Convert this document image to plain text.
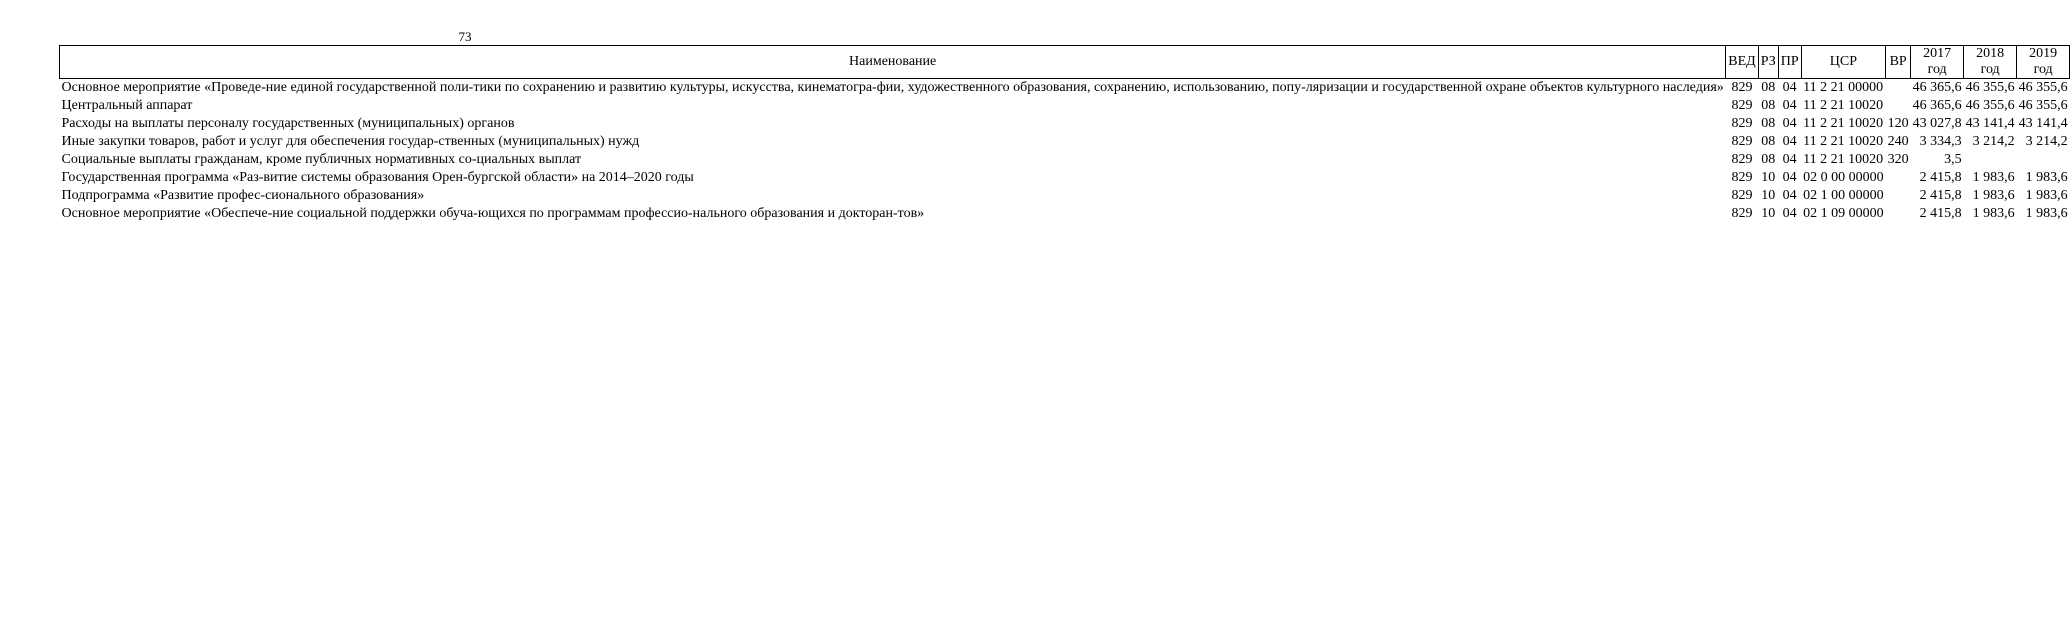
73
Наименование	ВЕД	РЗ	ПР	ЦСР	ВР	2017 год	2018 год	2019 год
Основное мероприятие «Проведе-ние единой государственной поли-тики по сохранению и развитию культуры, искусства, кинематогра-фии, художественного образования, сохранению, использованию, попу-ляризации и государственной охране объектов культурного наследия»	829	08	04	11 2 21 00000		46 365,6	46 355,6	46 355,6
Центральный аппарат	829	08	04	11 2 21 10020		46 365,6	46 355,6	46 355,6
Расходы на выплаты персоналу государственных (муниципальных) органов	829	08	04	11 2 21 10020	120	43 027,8	43 141,4	43 141,4
Иные закупки товаров, работ и услуг для обеспечения государ-ственных (муниципальных) нужд	829	08	04	11 2 21 10020	240	3 334,3	3 214,2	3 214,2
Социальные выплаты гражданам, кроме публичных нормативных со-циальных выплат	829	08	04	11 2 21 10020	320	3,5		
Государственная программа «Раз-витие системы образования Орен-бургской области» на 2014–2020 годы	829	10	04	02 0 00 00000		2 415,8	1 983,6	1 983,6
Подпрограмма «Развитие профес-сионального образования»	829	10	04	02 1 00 00000		2 415,8	1 983,6	1 983,6
Основное мероприятие «Обеспече-ние социальной поддержки обуча-ющихся по программам профессио-нального образования и докторан-тов»	829	10	04	02 1 09 00000		2 415,8	1 983,6	1 983,6
